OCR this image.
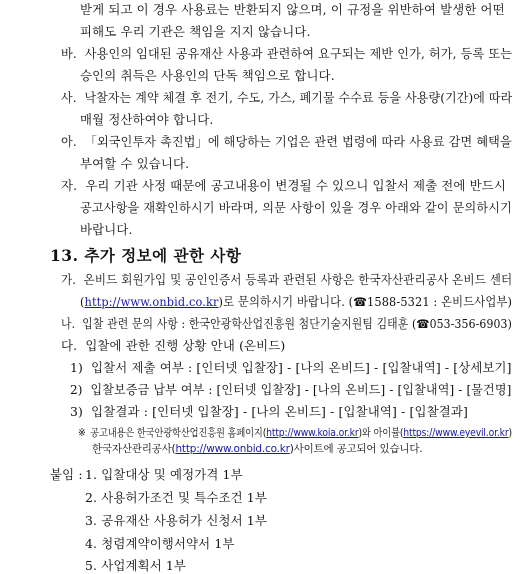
받게 되고 이 경우 사용료는 반환되지 않으며, 이 규정을 위반하여 발생한 어떤
피해도 우리 기관은 책임을 지지 않습니다.
바. 사용인의 임대된 공유재산 사용과 관련하여 요구되는 제반 인가, 허가, 등록 또는
승인의 취득은 사용인의 단독 책임으로 합니다.
사. 낙찰자는 계약 체결 후 전기, 수도, 가스, 폐기물 수수료 등을 사용량(기간)에 따라
매월 정산하여야 합니다.
아. 「외국인투자 촉진법」에 해당하는 기업은 관련 법령에 따라 사용료 감면 혜택을
부여할 수 있습니다.
자. 우리 기관 사정 때문에 공고내용이 변경될 수 있으니 입찰서 제출 전에 반드시
공고사항을 재확인하시기 바라며, 의문 사항이 있을 경우 아래와 같이 문의하시기
바랍니다.
13. 추가 정보에 관한 사항
가. 온비드 회원가입 및 공인인증서 등록과 관련된 사항은 한국자산관리공사 온비드 센터
(http://www.onbid.co.kr)로 문의하시기 바랍니다. (☎1588-5321 : 온비드사업부)
나. 입찰 관련 문의 사항 : 한국안광학산업진흥원 첨단기술지원팀 김태훈 (☎053-356-6903)
다. 입찰에 관한 진행 상황 안내 (온비드)
1) 입찰서 제출 여부 : [인터넷 입찰장] - [나의 온비드] - [입찰내역] - [상세보기]
2) 입찰보증금 납부 여부 : [인터넷 입찰장] - [나의 온비드] - [입찰내역] - [물건명]
3) 입찰결과 : [인터넷 입찰장] - [나의 온비드] - [입찰내역] - [입찰결과]
※ 공고내용은 한국안광학산업진흥원 홈페이지(http://www.koia.or.kr)와 아이뷸(https://www.eyevil.or.kr)
한국자산관리공사(http://www.onbid.co.kr)사이트에 공고되어 있습니다.
붙임 : 1. 입찰대상 및 예정가격 1부
2. 사용허가조건 및 특수조건 1부
3. 공유재산 사용허가 신청서 1부
4. 청렴계약이행서약서 1부
5. 사업계획서 1부
